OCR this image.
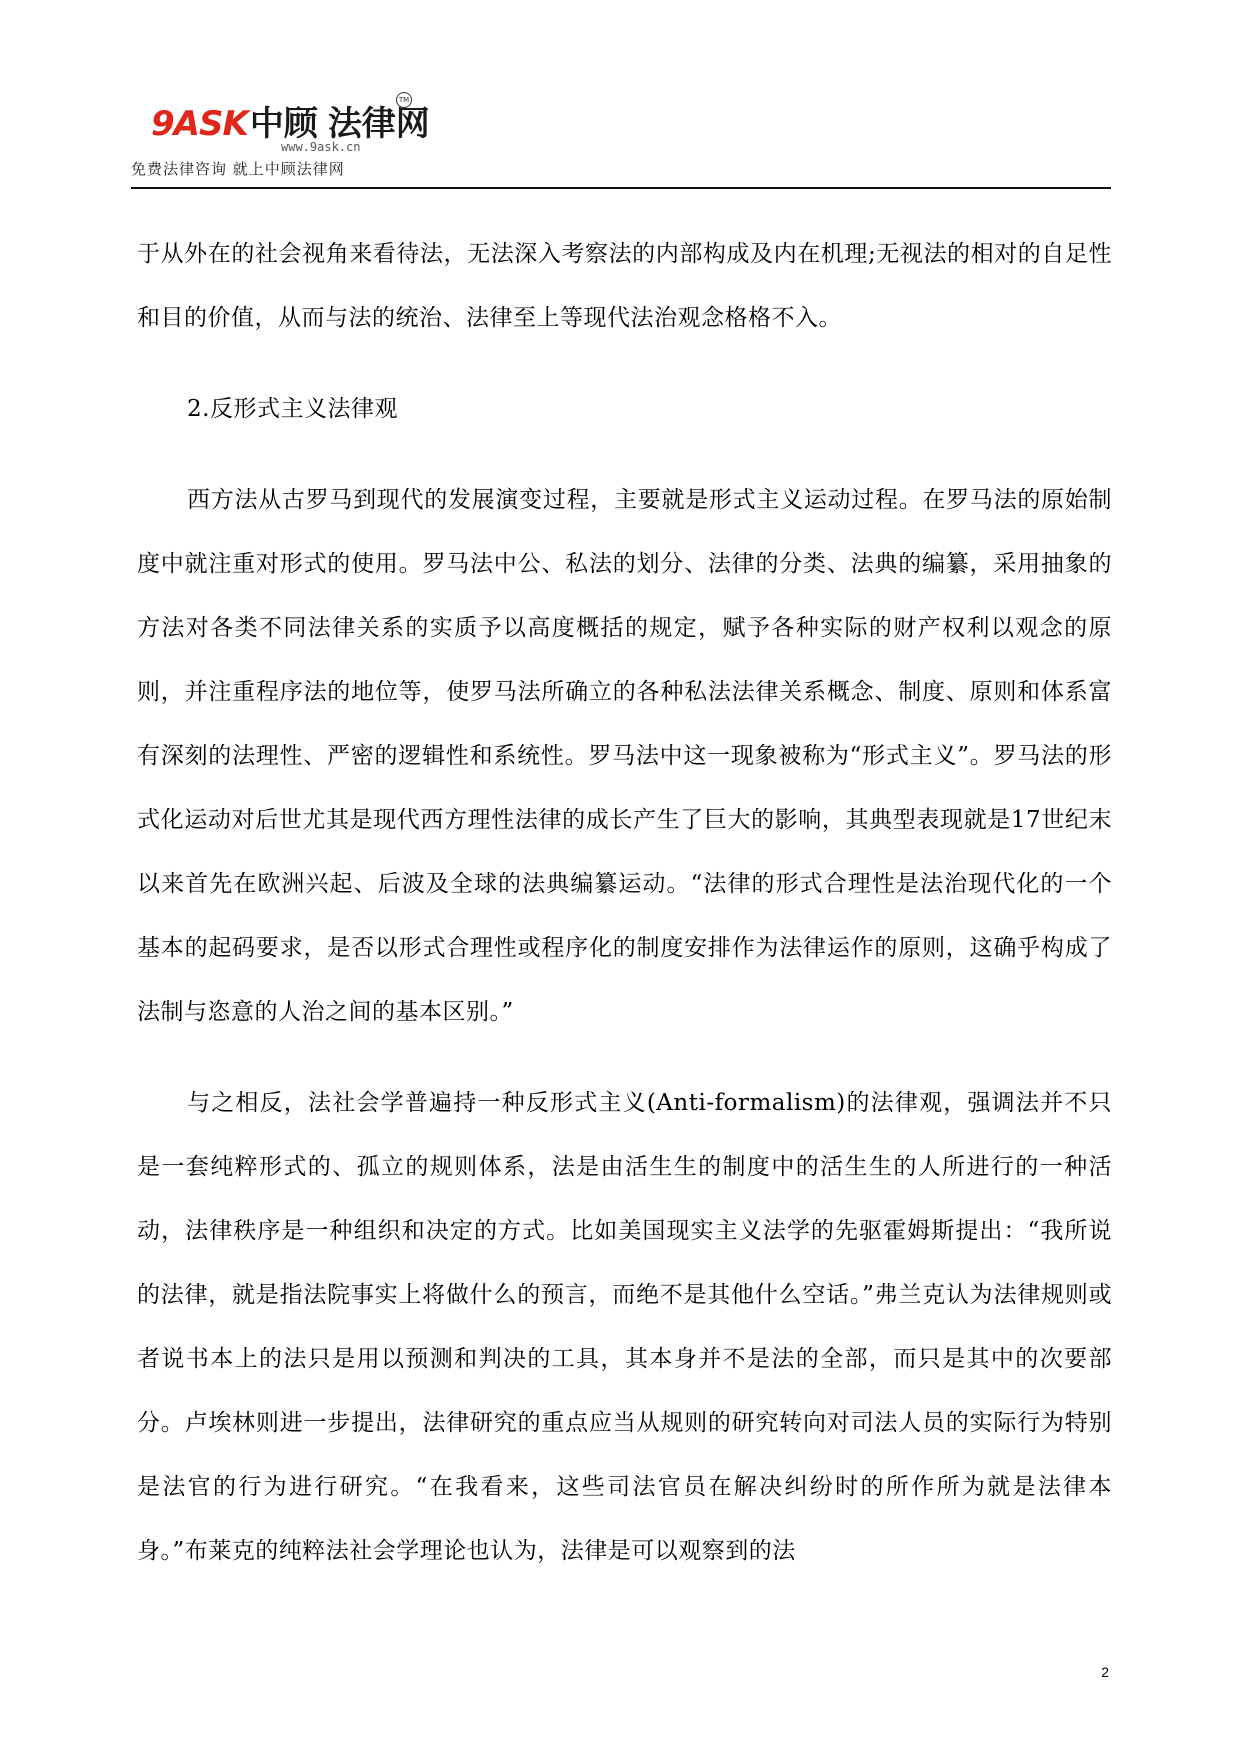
9ASK中顾 法律网
TM
www.9ask.cn
免费法律咨询 就上中顾法律网

于从外在的社会视角来看待法，无法深入考察法的内部构成及内在机理;无视法的相对的自足性和目的价值，从而与法的统治、法律至上等现代法治观念格格不入。

2.反形式主义法律观

西方法从古罗马到现代的发展演变过程，主要就是形式主义运动过程。在罗马法的原始制度中就注重对形式的使用。罗马法中公、私法的划分、法律的分类、法典的编纂，采用抽象的方法对各类不同法律关系的实质予以高度概括的规定，赋予各种实际的财产权利以观念的原则，并注重程序法的地位等，使罗马法所确立的各种私法法律关系概念、制度、原则和体系富有深刻的法理性、严密的逻辑性和系统性。罗马法中这一现象被称为“形式主义”。罗马法的形式化运动对后世尤其是现代西方理性法律的成长产生了巨大的影响，其典型表现就是17世纪末以来首先在欧洲兴起、后波及全球的法典编纂运动。“法律的形式合理性是法治现代化的一个基本的起码要求，是否以形式合理性或程序化的制度安排作为法律运作的原则，这确乎构成了法制与恣意的人治之间的基本区别。”

与之相反，法社会学普遍持一种反形式主义(Anti-formalism)的法律观，强调法并不只是一套纯粹形式的、孤立的规则体系，法是由活生生的制度中的活生生的人所进行的一种活动，法律秩序是一种组织和决定的方式。比如美国现实主义法学的先驱霍姆斯提出：“我所说的法律，就是指法院事实上将做什么的预言，而绝不是其他什么空话。”弗兰克认为法律规则或者说书本上的法只是用以预测和判决的工具，其本身并不是法的全部，而只是其中的次要部分。卢埃林则进一步提出，法律研究的重点应当从规则的研究转向对司法人员的实际行为特别是法官的行为进行研究。“在我看来，这些司法官员在解决纠纷时的所作所为就是法律本身。”布莱克的纯粹法社会学理论也认为，法律是可以观察到的法

2
